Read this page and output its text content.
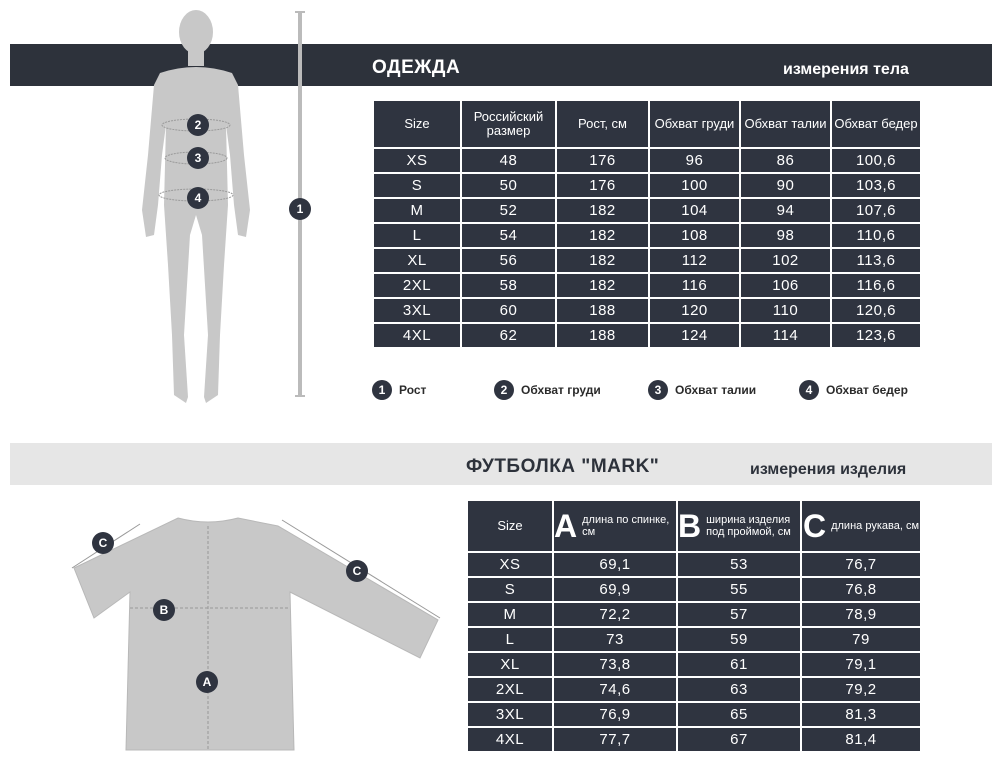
ОДЕЖДА	измерения тела
2
3
4
1
Size	Российский размер	Рост, см	Обхват груди	Обхват талии	Обхват бедер
XS	48	176	96	86	100,6
S	50	176	100	90	103,6
M	52	182	104	94	107,6
L	54	182	108	98	110,6
XL	56	182	112	102	113,6
2XL	58	182	116	106	116,6
3XL	60	188	120	110	120,6
4XL	62	188	124	114	123,6
1	Рост	2	Обхват груди	3	Обхват талии	4	Обхват бедер
ФУТБОЛКА "MARK"	измерения изделия
C
C
B
A
Size	A длина по спинке, см	B ширина изделия под проймой, см	C длина рукава, см

XS	69,1	53	76,7
S	69,9	55	76,8
M	72,2	57	78,9
L	73	59	79
XL	73,8	61	79,1
2XL	74,6	63	79,2
3XL	76,9	65	81,3
4XL	77,7	67	81,4
